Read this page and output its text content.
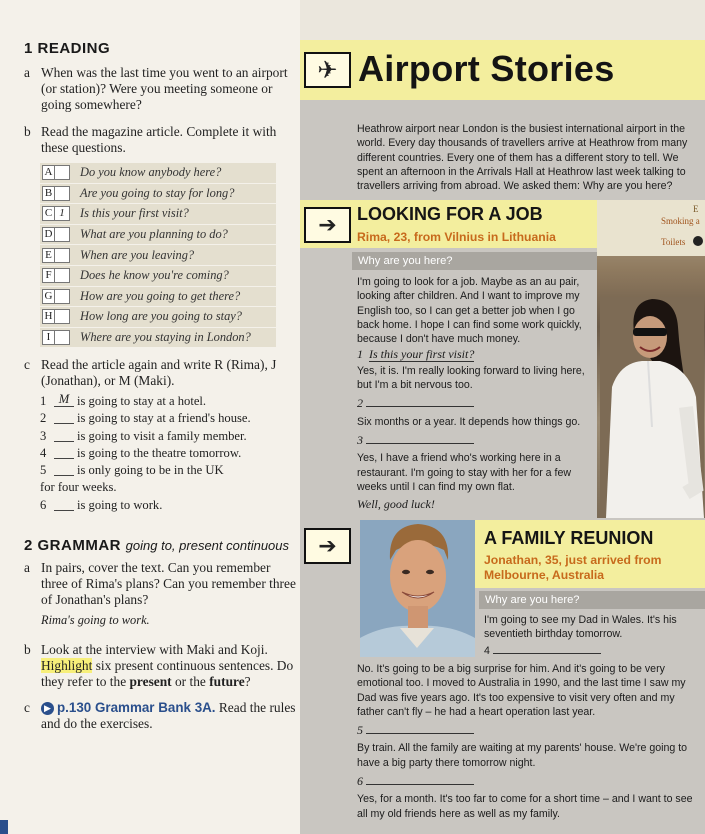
1 READING
a When was the last time you went to an airport (or station)? Were you meeting someone or going somewhere?
b Read the magazine article. Complete it with these questions.
A Do you know anybody here?
B Are you going to stay for long?
C 1	Is this your first visit?
D What are you planning to do?
E When are you leaving?
F Does he know you're coming?
G How are you going to get there?
H How long are you going to stay?
I	Where are you staying in London?
c Read the article again and write R (Rima), J (Jonathan), or M (Maki).
1 M is going to stay at a hotel.
2	is going to stay at a friend's house.
3	is going to visit a family member.
4	is going to the theatre tomorrow.
5	is only going to be in the UK
for four weeks.
6	is going to work.
2 GRAMMAR going to, present continuous
a In pairs, cover the text. Can you remember three of Rima's plans? Can you remember three of Jonathan's plans?
Rima's going to work.
b Look at the interview with Maki and Koji. Highlight six present continuous sentences. Do they refer to the present or the future?
c	▶ p.130 Grammar Bank 3A. Read the rules and do the exercises.
✈ Airport Stories
Heathrow airport near London is the busiest international airport in the world. Every day thousands of travellers arrive at Heathrow from many different countries. Every one of them has a different story to tell. We spent an afternoon in the Arrivals Hall at Heathrow last week talking to travellers arriving from abroad. We asked them: Why are you here?
➔	LOOKING FOR A JOB
Rima, 23, from Vilnius in Lithuania
Why are you here?
I'm going to look for a job. Maybe as an au pair, looking after children. And I want to improve my English too, so I can get a better job when I go back home. I hope I can find some work quickly, because I don't have much money.
1 Is this your first visit?
Yes, it is. I'm really looking forward to living here, but I'm a bit nervous too.
2
Six months or a year. It depends how things go.
3
Yes, I have a friend who's working here in a restaurant. I'm going to stay with her for a few weeks until I can find my own flat.
Well, good luck!
E
Smoking a
Toilets
➔	A FAMILY REUNION
Jonathan, 35, just arrived from Melbourne, Australia
Why are you here?
I'm going to see my Dad in Wales. It's his seventieth birthday tomorrow.
4
No. It's going to be a big surprise for him. And it's going to be very emotional too. I moved to Australia in 1990, and the last time I saw my Dad was five years ago. It's too expensive to visit very often and my father can't fly – he had a heart operation last year.
5
By train. All the family are waiting at my parents' house. We're going to have a big party there tomorrow night.
6
Yes, for a month. It's too far to come for a short time – and I want to see all my old friends here as well as my family.
